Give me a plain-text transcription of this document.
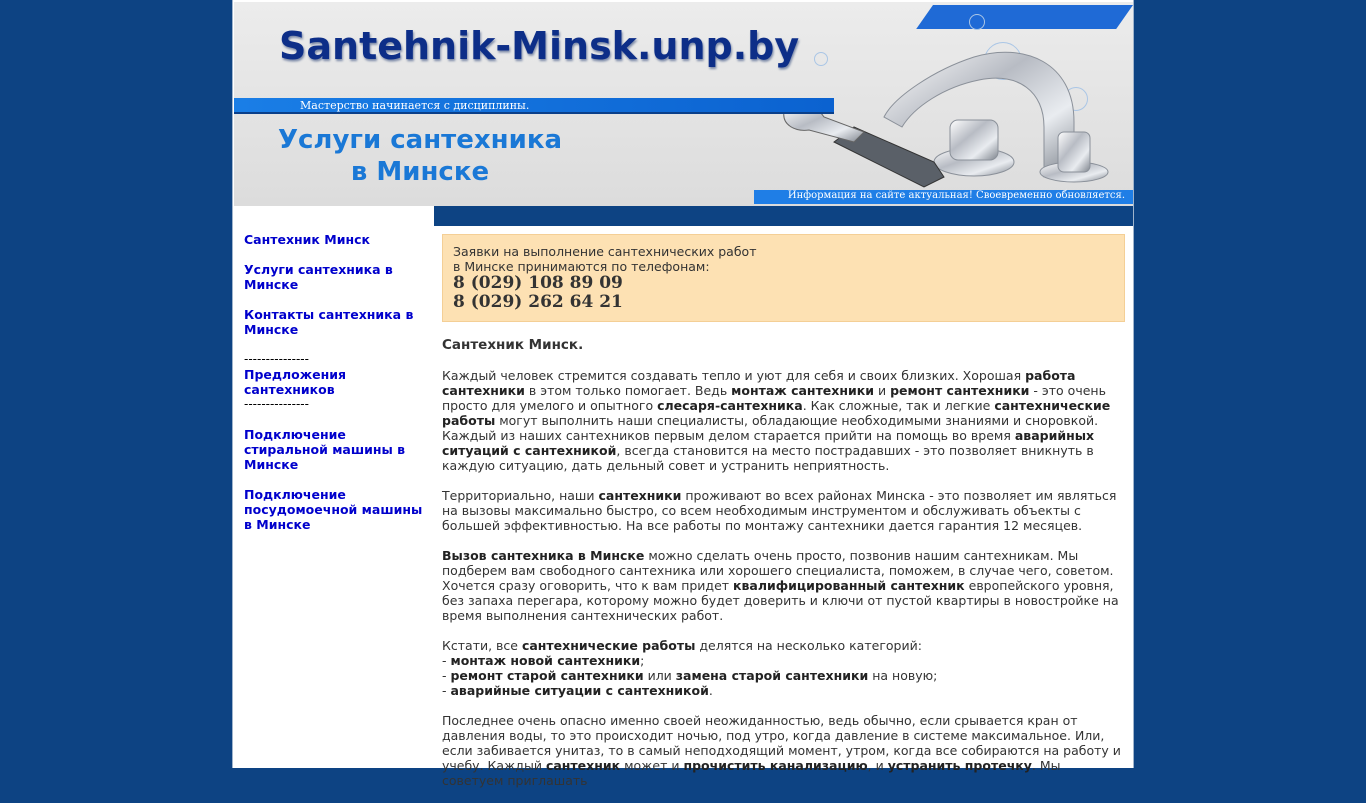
Santehnik-Minsk.unp.by
Мастерство начинается с дисциплины.
Услуги сантехника
в Минске
Информация на сайте актуальная! Своевременно обновляется.
Сантехник Минск
Услуги сантехника в Минске
Контакты сантехника в Минске
---------------
Предложения сантехников
---------------
Подключение стиральной машины в Минске
Подключение посудомоечной машины в Минске
Заявки на выполнение сантехнических работ
в Минске принимаются по телефонам:
8 (029) 108 89 09
8 (029) 262 64 21
Сантехник Минск.

Каждый человек стремится создавать тепло и уют для себя и своих близких. Хорошая работа сантехники в этом только помогает. Ведь монтаж сантехники и ремонт сантехники - это очень просто для умелого и опытного слесаря-сантехника. Как сложные, так и легкие сантехнические работы могут выполнить наши специалисты, обладающие необходимыми знаниями и сноровкой. Каждый из наших сантехников первым делом старается прийти на помощь во время аварийных ситуаций с сантехникой, всегда становится на место пострадавших - это позволяет вникнуть в каждую ситуацию, дать дельный совет и устранить неприятность.

Территориально, наши сантехники проживают во всех районах Минска - это позволяет им являться на вызовы максимально быстро, со всем необходимым инструментом и обслуживать объекты с большей эффективностью. На все работы по монтажу сантехники дается гарантия 12 месяцев.

Вызов сантехника в Минске можно сделать очень просто, позвонив нашим сантехникам. Мы подберем вам свободного сантехника или хорошего специалиста, поможем, в случае чего, советом. Хочется сразу оговорить, что к вам придет квалифицированный сантехник европейского уровня, без запаха перегара, которому можно будет доверить и ключи от пустой квартиры в новостройке на время выполнения сантехнических работ.

Кстати, все сантехнические работы делятся на несколько категорий:
- монтаж новой сантехники;
- ремонт старой сантехники или замена старой сантехники на новую;
- аварийные ситуации с сантехникой.

Последнее очень опасно именно своей неожиданностью, ведь обычно, если срывается кран от давления воды, то это происходит ночью, под утро, когда давление в системе максимальное. Или, если забивается унитаз, то в самый неподходящий момент, утром, когда все собираются на работу и учебу. Каждый сантехник может и прочистить канализацию, и устранить протечку. Мы советуем приглашать
